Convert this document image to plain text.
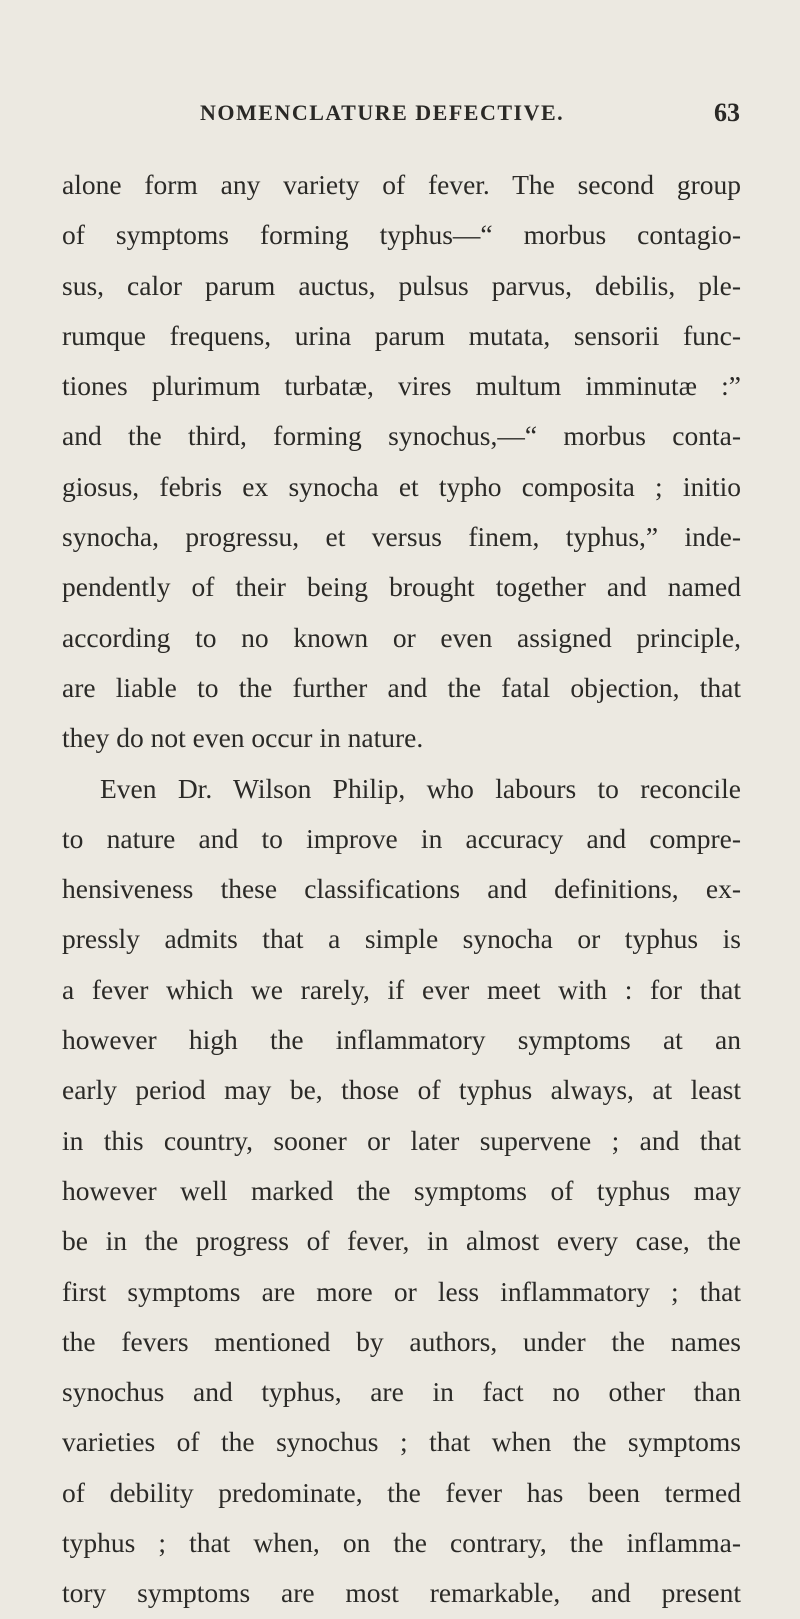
NOMENCLATURE DEFECTIVE.	63
alone form any variety of fever. The second group
of symptoms forming typhus—“ morbus contagio-
sus, calor parum auctus, pulsus parvus, debilis, ple-
rumque frequens, urina parum mutata, sensorii func-
tiones plurimum turbatæ, vires multum imminutæ :”
and the third, forming synochus,—“ morbus conta-
giosus, febris ex synocha et typho composita ; initio
synocha, progressu, et versus finem, typhus,” inde-
pendently of their being brought together and named
according to no known or even assigned principle,
are liable to the further and the fatal objection, that
they do not even occur in nature.
Even Dr. Wilson Philip, who labours to reconcile
to nature and to improve in accuracy and compre-
hensiveness these classifications and definitions, ex-
pressly admits that a simple synocha or typhus is
a fever which we rarely, if ever meet with : for that
however high the inflammatory symptoms at an
early period may be, those of typhus always, at least
in this country, sooner or later supervene ; and that
however well marked the symptoms of typhus may
be in the progress of fever, in almost every case, the
first symptoms are more or less inflammatory ; that
the fevers mentioned by authors, under the names
synochus and typhus, are in fact no other than
varieties of the synochus ; that when the symptoms
of debility predominate, the fever has been termed
typhus ; that when, on the contrary, the inflamma-
tory symptoms are most remarkable, and present
